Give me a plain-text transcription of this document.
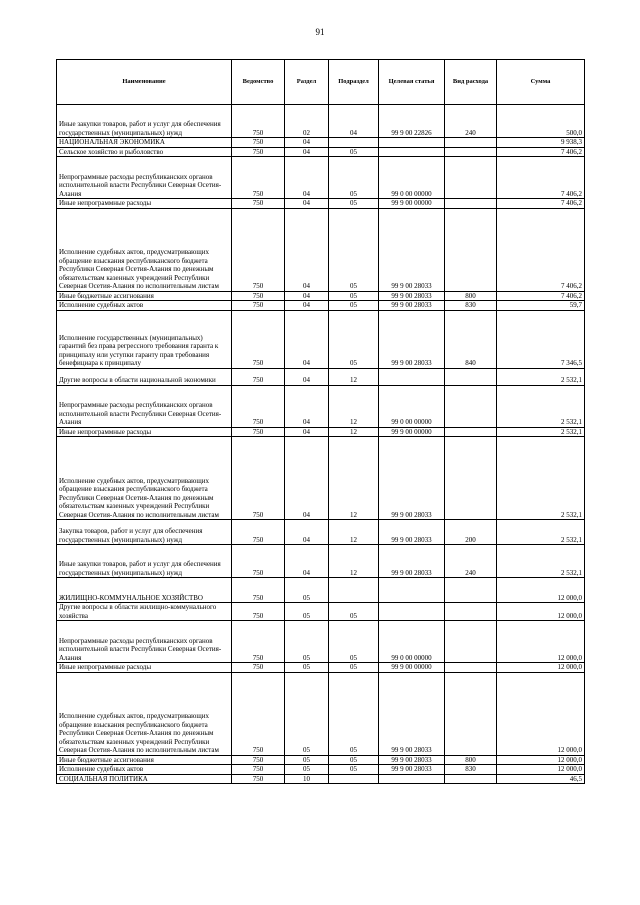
91
Наименование	Ведомство	Раздел	Подраздел	Целевая статья	Вид расхода	Сумма
Иные закупки товаров, работ и услуг для обеспечения государственных (муниципальных) нужд	750	02	04	99 9 00 22826	240	500,0
НАЦИОНАЛЬНАЯ ЭКОНОМИКА	750	04				9 938,3
Сельское хозяйство и рыболовство	750	04	05			7 406,2
Непрограммные расходы республиканских органов исполнительной власти Республики Северная Осетия-Алания	750	04	05	99 0 00 00000		7 406,2
Иные непрограммные расходы	750	04	05	99 9 00 00000		7 406,2
Исполнение судебных актов, предусматривающих обращение взыскания республиканского бюджета Республики Северная Осетия-Алания по денежным обязательствам казенных учреждений Республики Северная Осетия-Алания по исполнительным листам	750	04	05	99 9 00 28033		7 406,2
Иные бюджетные ассигнования	750	04	05	99 9 00 28033	800	7 406,2
Исполнение судебных актов	750	04	05	99 9 00 28033	830	59,7
Исполнение государственных (муниципальных) гарантий без права регрессного требования гаранта к принципалу или уступки гаранту прав требования бенефициара к принципалу	750	04	05	99 9 00 28033	840	7 346,5
Другие вопросы в области национальной экономики	750	04	12			2 532,1
Непрограммные расходы республиканских органов исполнительной власти Республики Северная Осетия-Алания	750	04	12	99 0 00 00000		2 532,1
Иные непрограммные расходы	750	04	12	99 9 00 00000		2 532,1
Исполнение судебных актов, предусматривающих обращение взыскания республиканского бюджета Республики Северная Осетия-Алания по денежным обязательствам казенных учреждений Республики Северная Осетия-Алания по исполнительным листам	750	04	12	99 9 00 28033		2 532,1
Закупка товаров, работ и услуг для обеспечения государственных (муниципальных) нужд	750	04	12	99 9 00 28033	200	2 532,1
Иные закупки товаров, работ и услуг для обеспечения государственных (муниципальных) нужд	750	04	12	99 9 00 28033	240	2 532,1
ЖИЛИЩНО-КОММУНАЛЬНОЕ ХОЗЯЙСТВО	750	05				12 000,0
Другие вопросы в области жилищно-коммунального хозяйства	750	05	05			12 000,0
Непрограммные расходы республиканских органов исполнительной власти Республики Северная Осетия-Алания	750	05	05	99 0 00 00000		12 000,0
Иные непрограммные расходы	750	05	05	99 9 00 00000		12 000,0
Исполнение судебных актов, предусматривающих обращение взыскания республиканского бюджета Республики Северная Осетия-Алания по денежным обязательствам казенных учреждений Республики Северная Осетия-Алания по исполнительным листам	750	05	05	99 9 00 28033		12 000,0
Иные бюджетные ассигнования	750	05	05	99 9 00 28033	800	12 000,0
Исполнение судебных актов	750	05	05	99 9 00 28033	830	12 000,0
СОЦИАЛЬНАЯ ПОЛИТИКА	750	10				46,5
